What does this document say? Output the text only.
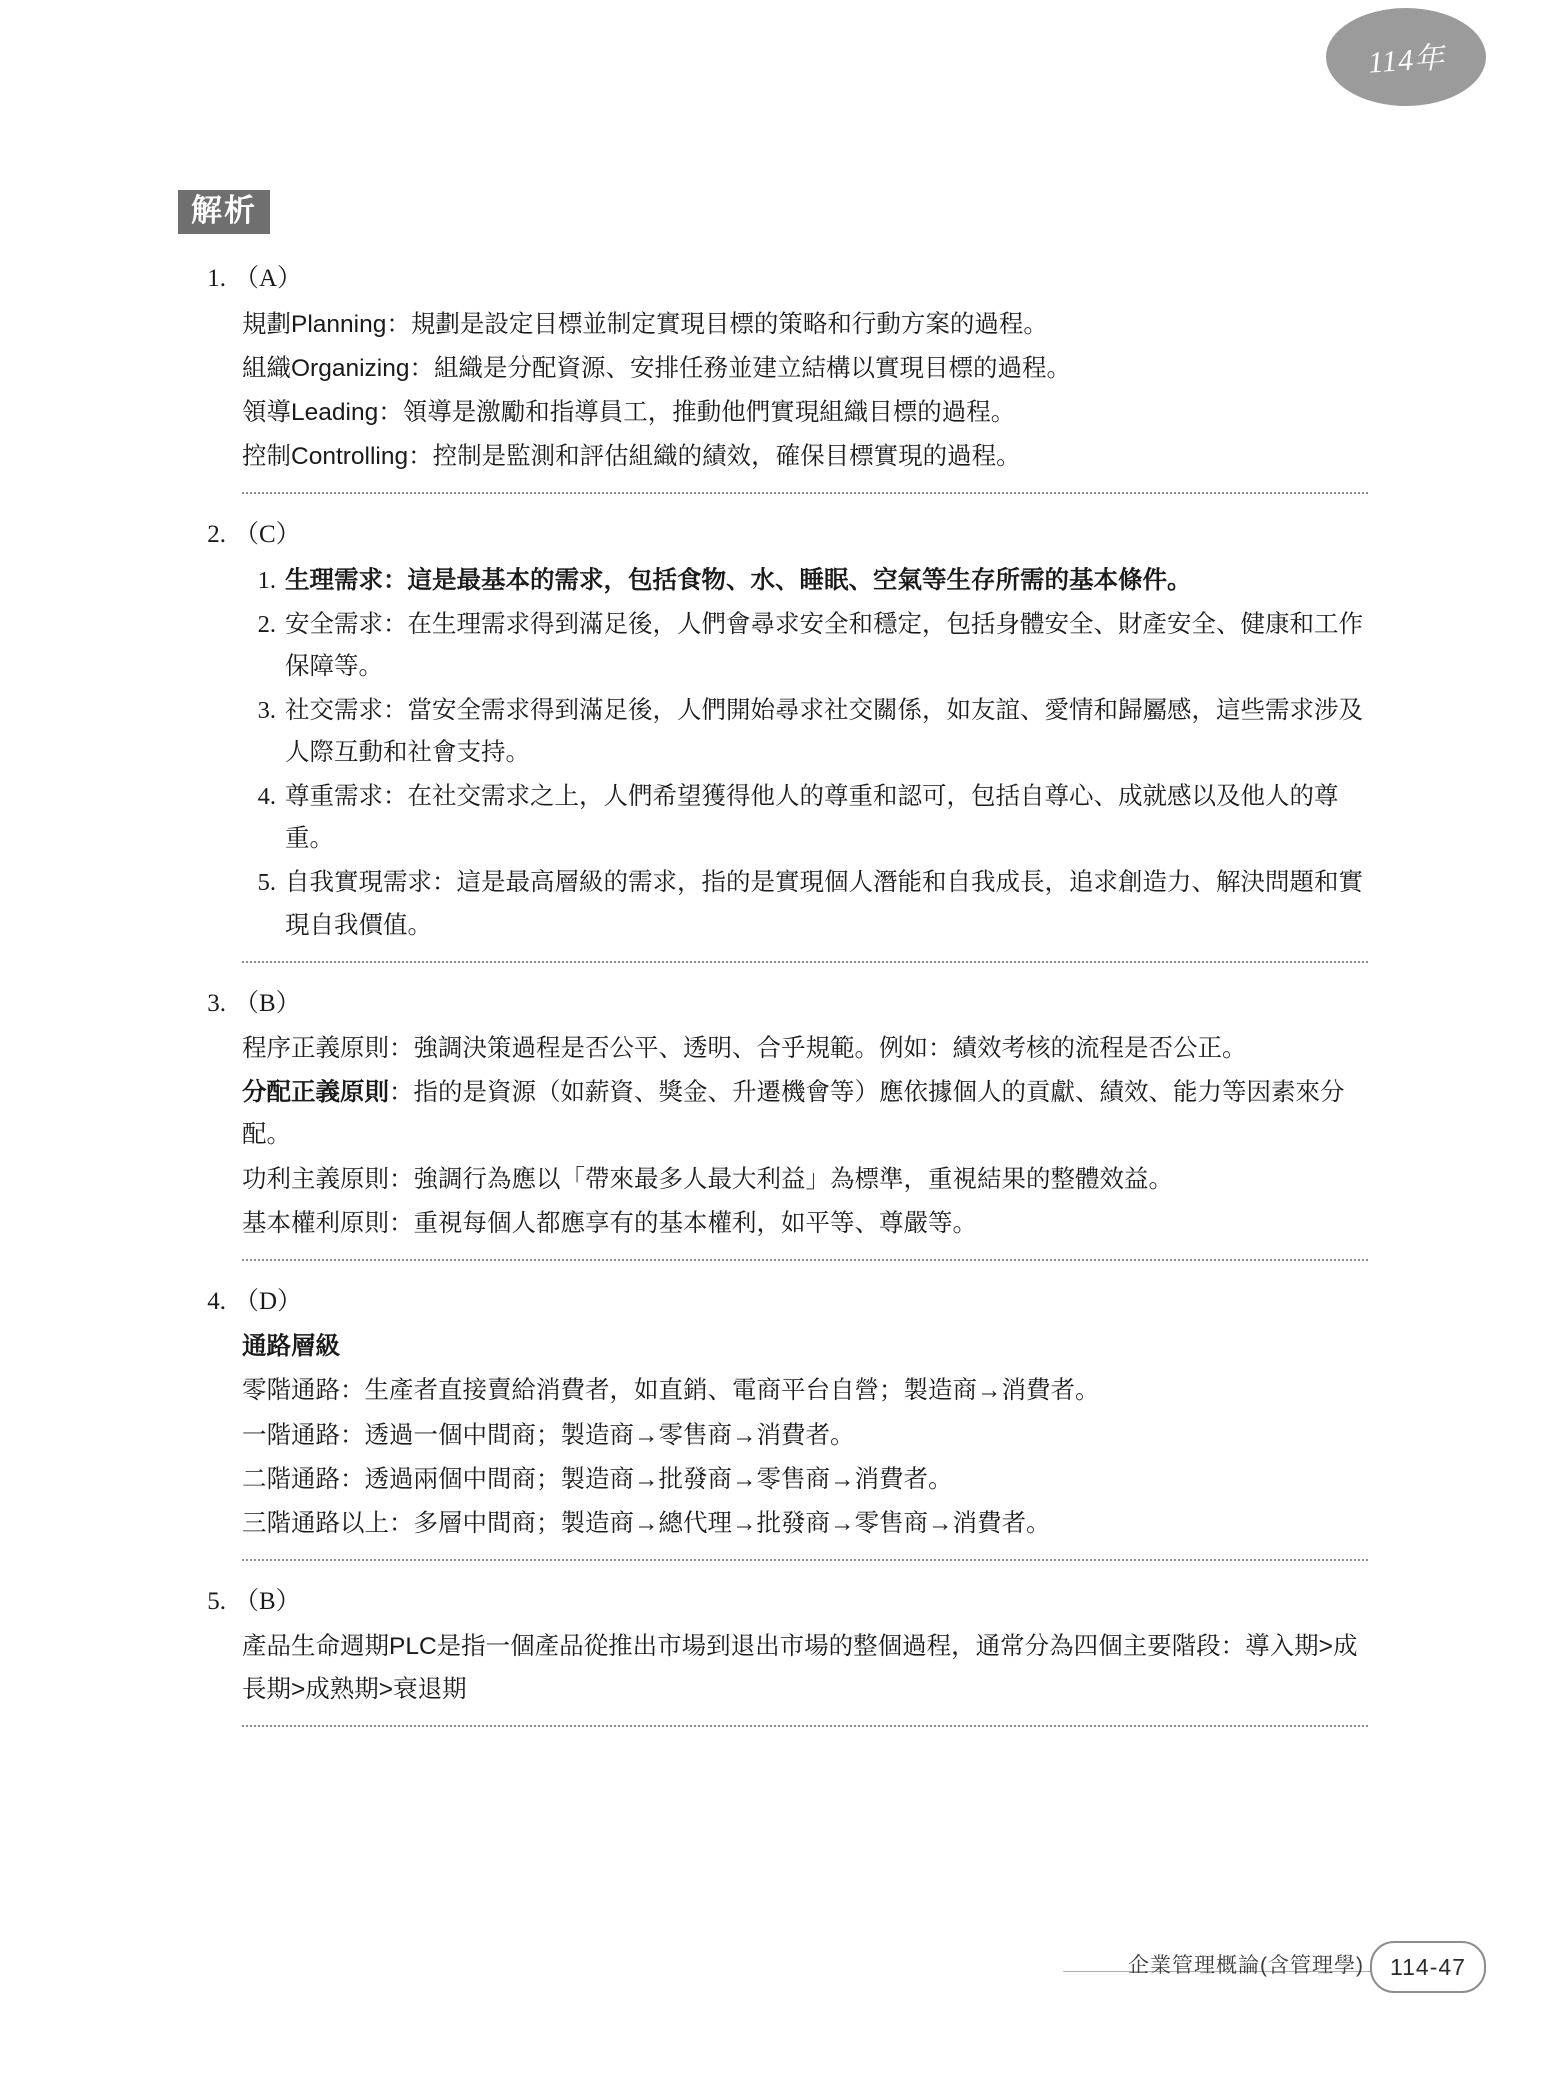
114年
解析
1. （A）

規劃Planning：規劃是設定目標並制定實現目標的策略和行動方案的過程。

組織Organizing：組織是分配資源、安排任務並建立結構以實現目標的過程。

領導Leading：領導是激勵和指導員工，推動他們實現組織目標的過程。

控制Controlling：控制是監測和評估組織的績效，確保目標實現的過程。

2. （C）
1. 生理需求：這是最基本的需求，包括食物、水、睡眠、空氣等生存所需的基本條件。
2. 安全需求：在生理需求得到滿足後，人們會尋求安全和穩定，包括身體安全、財產安全、健康和工作保障等。
3. 社交需求：當安全需求得到滿足後，人們開始尋求社交關係，如友誼、愛情和歸屬感，這些需求涉及人際互動和社會支持。
4. 尊重需求：在社交需求之上，人們希望獲得他人的尊重和認可，包括自尊心、成就感以及他人的尊重。
5. 自我實現需求：這是最高層級的需求，指的是實現個人潛能和自我成長，追求創造力、解決問題和實現自我價值。
3. （B）

程序正義原則：強調決策過程是否公平、透明、合乎規範。例如：績效考核的流程是否公正。

分配正義原則：指的是資源（如薪資、獎金、升遷機會等）應依據個人的貢獻、績效、能力等因素來分配。

功利主義原則：強調行為應以「帶來最多人最大利益」為標準，重視結果的整體效益。

基本權利原則：重視每個人都應享有的基本權利，如平等、尊嚴等。

4. （D）

通路層級

零階通路：生產者直接賣給消費者，如直銷、電商平台自營；製造商→消費者。

一階通路：透過一個中間商；製造商→零售商→消費者。

二階通路：透過兩個中間商；製造商→批發商→零售商→消費者。

三階通路以上：多層中間商；製造商→總代理→批發商→零售商→消費者。

5. （B）

產品生命週期PLC是指一個產品從推出市場到退出市場的整個過程，通常分為四個主要階段：導入期>成長期>成熟期>衰退期

企業管理概論(含管理學)	114-47
